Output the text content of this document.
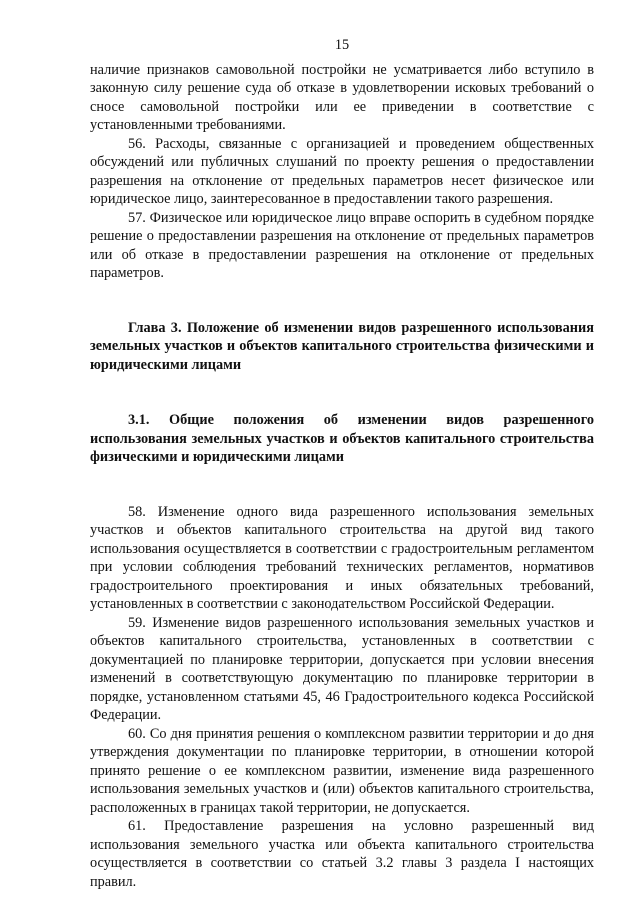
15

наличие признаков самовольной постройки не усматривается либо вступило в законную силу решение суда об отказе в удовлетворении исковых требований о сносе самовольной постройки или ее приведении в соответствие с установленными требованиями.

56. Расходы, связанные с организацией и проведением общественных обсуждений или публичных слушаний по проекту решения о предоставлении разрешения на отклонение от предельных параметров несет физическое или юридическое лицо, заинтересованное в предоставлении такого разрешения.

57. Физическое или юридическое лицо вправе оспорить в судебном порядке решение о предоставлении разрешения на отклонение от предельных параметров или об отказе в предоставлении разрешения на отклонение от предельных параметров.

Глава 3. Положение об изменении видов разрешенного использования земельных участков и объектов капитального строительства физическими и юридическими лицами

3.1. Общие положения об изменении видов разрешенного использования земельных участков и объектов капитального строительства физическими и юридическими лицами

58. Изменение одного вида разрешенного использования земельных участков и объектов капитального строительства на другой вид такого использования осуществляется в соответствии с градостроительным регламентом при условии соблюдения требований технических регламентов, нормативов градостроительного проектирования и иных обязательных требований, установленных в соответствии с законодательством Российской Федерации.

59. Изменение видов разрешенного использования земельных участков и объектов капитального строительства, установленных в соответствии с документацией по планировке территории, допускается при условии внесения изменений в соответствующую документацию по планировке территории в порядке, установленном статьями 45, 46 Градостроительного кодекса Российской Федерации.

60. Со дня принятия решения о комплексном развитии территории и до дня утверждения документации по планировке территории, в отношении которой принято решение о ее комплексном развитии, изменение вида разрешенного использования земельных участков и (или) объектов капитального строительства, расположенных в границах такой территории, не допускается.

61. Предоставление разрешения на условно разрешенный вид использования земельного участка или объекта капитального строительства осуществляется в соответствии со статьей 3.2 главы 3 раздела I настоящих правил.
